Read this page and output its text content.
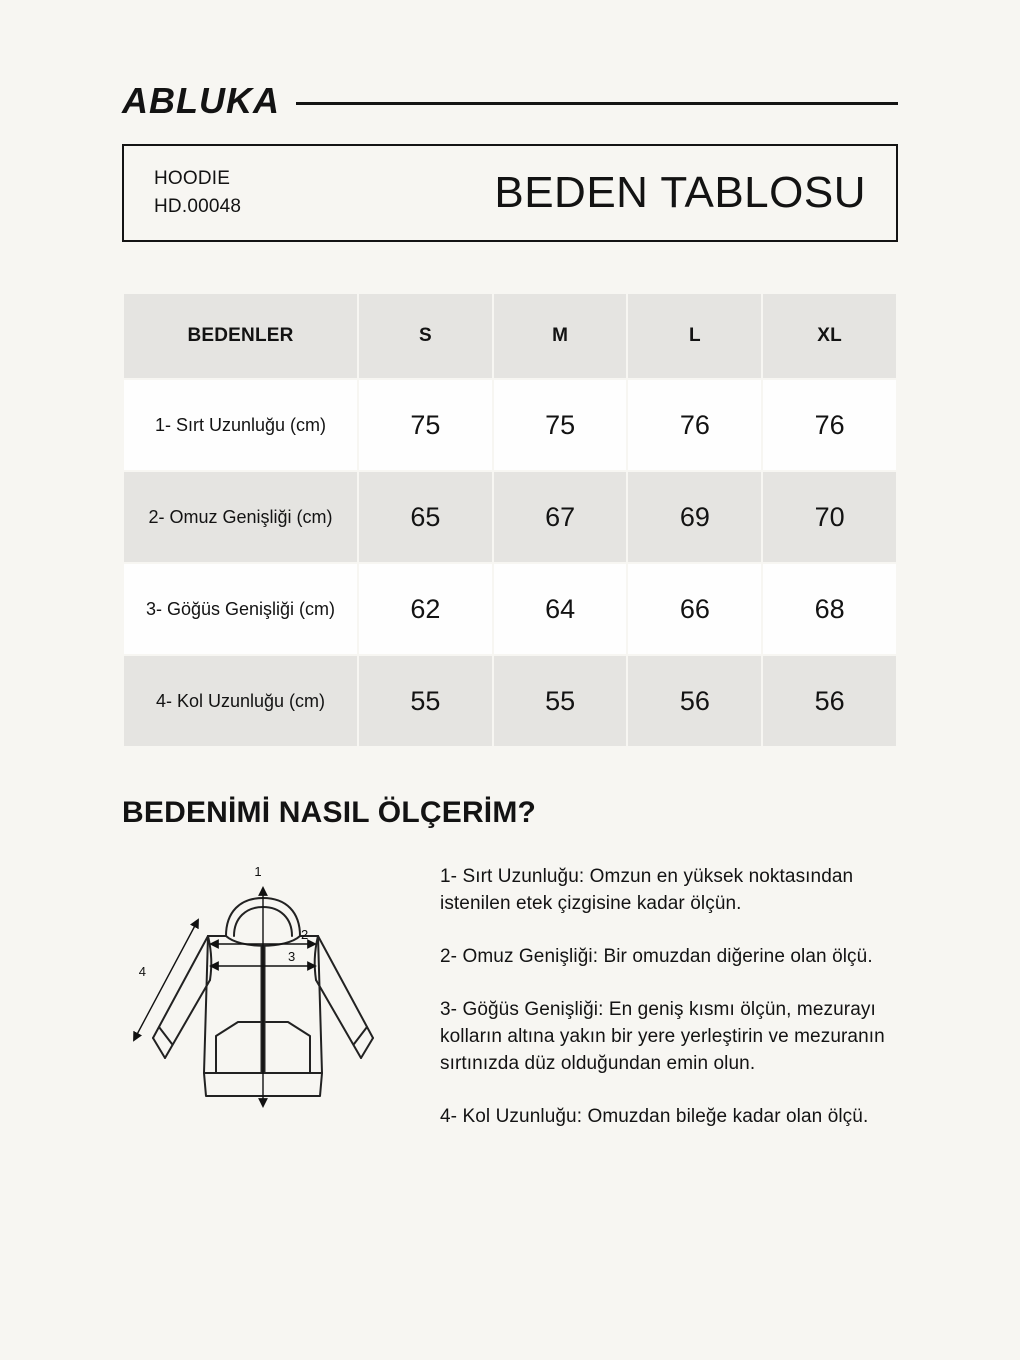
ABLUKA
HOODIE
HD.00048	BEDEN TABLOSU
BEDENLER	S	M	L	XL
1- Sırt Uzunluğu (cm)	75	75	76	76
2- Omuz Genişliği (cm)	65	67	69	70
3- Göğüs Genişliği (cm)	62	64	66	68
4- Kol Uzunluğu (cm)	55	55	56	56
BEDENİMİ NASIL ÖLÇERİM?
1
2
3
4

1- Sırt Uzunluğu: Omzun en yüksek noktasından istenilen etek çizgisine kadar ölçün.

2- Omuz Genişliği: Bir omuzdan diğerine olan ölçü.

3- Göğüs Genişliği: En geniş kısmı ölçün, mezurayı kolların altına yakın bir yere yerleştirin ve mezuranın sırtınızda düz olduğundan emin olun.

4- Kol Uzunluğu: Omuzdan bileğe kadar olan ölçü.
